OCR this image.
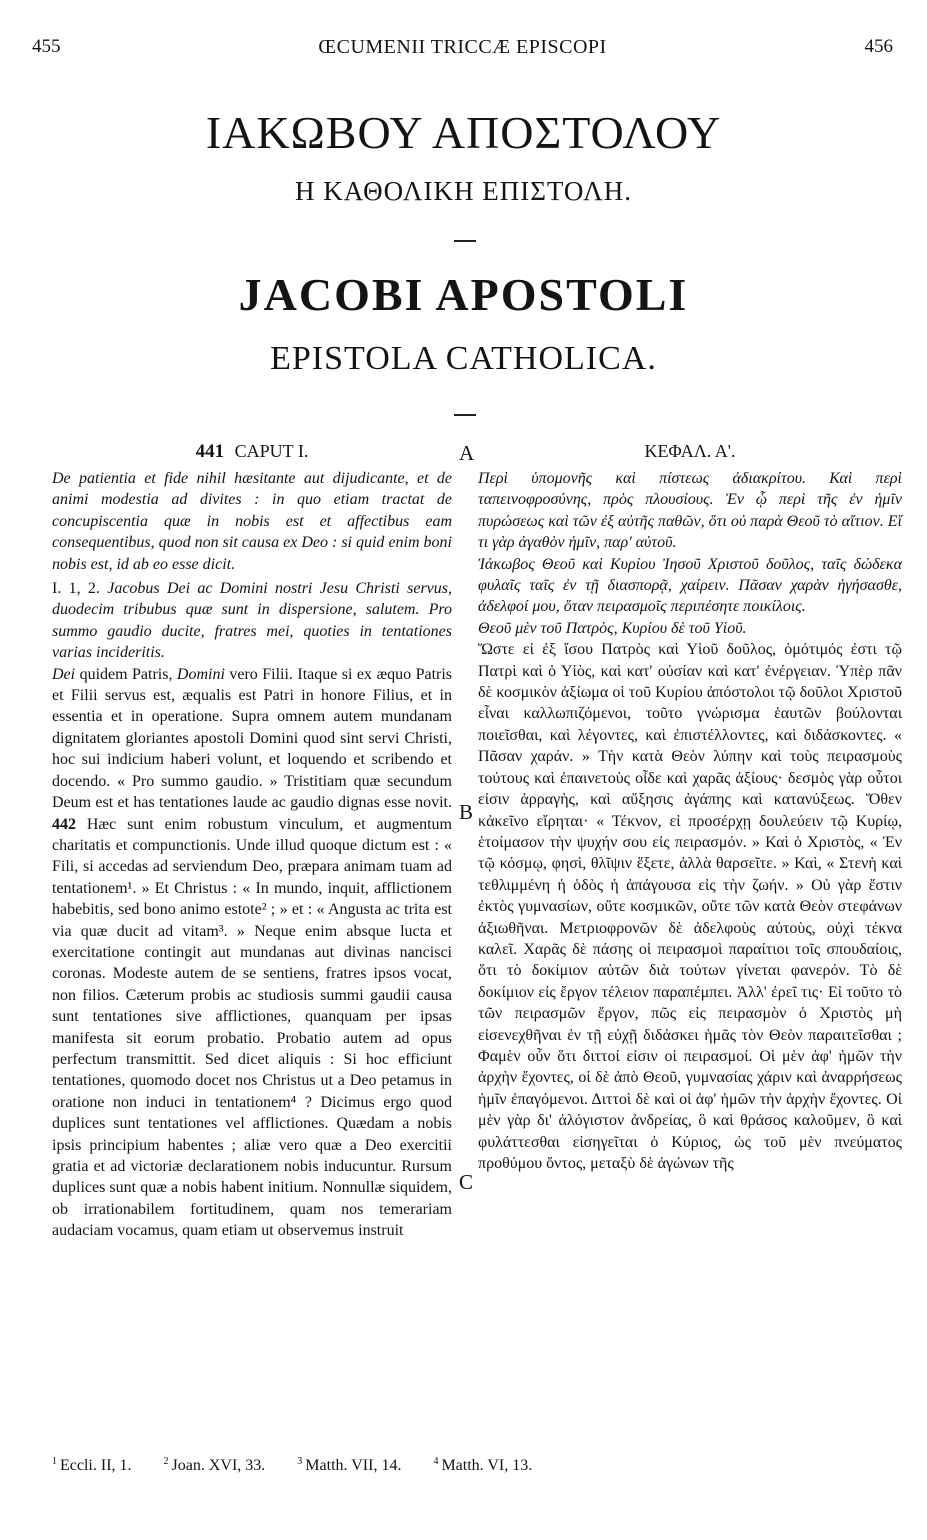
455	ŒCUMENII TRICCÆ EPISCOPI	456
ΙΑΚΩΒΟΥ ΑΠΟΣΤΟΛΟΥ
Η ΚΑΘΟΛΙΚΗ ΕΠΙΣΤΟΛΗ.
JACOBI APOSTOLI
EPISTOLA CATHOLICA.
A
B
C
441 CAPUT I.
De patientia et fide nihil hæsitante aut dijudicante, et de animi modestia ad divites : in quo etiam tractat de concupiscentia quæ in nobis est et affectibus eam consequentibus, quod non sit causa ex Deo : si quid enim boni nobis est, id ab eo esse dicit.
I. 1, 2. Jacobus Dei ac Domini nostri Jesu Christi servus, duodecim tribubus quæ sunt in dispersione, salutem. Pro summo gaudio ducite, fratres mei, quoties in tentationes varias incideritis.
Dei quidem Patris, Domini vero Filii. Itaque si ex æquo Patris et Filii servus est, æqualis est Patri in honore Filius, et in essentia et in operatione. Supra omnem autem mundanam dignitatem gloriantes apostoli Domini quod sint servi Christi, hoc sui indicium haberi volunt, et loquendo et scribendo et docendo. « Pro summo gaudio. » Tristitiam quæ secundum Deum est et has tentationes laude ac gaudio dignas esse novit. 442 Hæc sunt enim robustum vinculum, et augmentum charitatis et compunctionis. Unde illud quoque dictum est : « Fili, si accedas ad serviendum Deo, præpara animam tuam ad tentationem¹. » Et Christus : « In mundo, inquit, afflictionem habebitis, sed bono animo estote² ; » et : « Angusta ac trita est via quæ ducit ad vitam³. » Neque enim absque lucta et exercitatione contingit aut mundanas aut divinas nancisci coronas. Modeste autem de se sentiens, fratres ipsos vocat, non filios. Cæterum probis ac studiosis summi gaudii causa sunt tentationes sive afflictiones, quanquam per ipsas manifesta sit eorum probatio. Probatio autem ad opus perfectum transmittit. Sed dicet aliquis : Si hoc efficiunt tentationes, quomodo docet nos Christus ut a Deo petamus in oratione non induci in tentationem⁴ ? Dicimus ergo quod duplices sunt tentationes vel afflictiones. Quædam a nobis ipsis principium habentes ; aliæ vero quæ a Deo exercitii gratia et ad victoriæ declarationem nobis inducuntur. Rursum duplices sunt quæ a nobis habent initium. Nonnullæ siquidem, ob irrationabilem fortitudinem, quam nos temerariam audaciam vocamus, quam etiam ut observemus instruit
ΚΕΦΑΛ. Α'.
Περὶ ὑπομονῆς καὶ πίστεως ἀδιακρίτου. Καὶ περὶ ταπεινοφροσύνης, πρὸς πλουσίους. Ἐν ᾧ περὶ τῆς ἐν ἡμῖν πυρώσεως καὶ τῶν ἐξ αὐτῆς παθῶν, ὅτι οὐ παρὰ Θεοῦ τὸ αἴτιον. Εἴ τι γὰρ ἀγαθὸν ἡμῖν, παρ' αὐτοῦ.
Ἰάκωβος Θεοῦ καὶ Κυρίου Ἰησοῦ Χριστοῦ δοῦλος, ταῖς δώδεκα φυλαῖς ταῖς ἐν τῇ διασπορᾷ, χαίρειν. Πᾶσαν χαρὰν ἡγήσασθε, ἀδελφοί μου, ὅταν πειρασμοῖς περιπέσητε ποικίλοις.
Θεοῦ μὲν τοῦ Πατρὸς, Κυρίου δὲ τοῦ Υἱοῦ.
Ὥστε εἰ ἐξ ἴσου Πατρὸς καὶ Υἱοῦ δοῦλος, ὁμότιμός ἐστι τῷ Πατρὶ καὶ ὁ Υἱὸς, καὶ κατ' οὐσίαν καὶ κατ' ἐνέργειαν. Ὑπὲρ πᾶν δὲ κοσμικὸν ἀξίωμα οἱ τοῦ Κυρίου ἀπόστολοι τῷ δοῦλοι Χριστοῦ εἶναι καλλωπιζόμενοι, τοῦτο γνώρισμα ἑαυτῶν βούλονται ποιεῖσθαι, καὶ λέγοντες, καὶ ἐπιστέλλοντες, καὶ διδάσκοντες. « Πᾶσαν χαράν. » Τὴν κατὰ Θεὸν λύπην καὶ τοὺς πειρασμοὺς τούτους καὶ ἐπαινετοὺς οἶδε καὶ χαρᾶς ἀξίους· δεσμὸς γὰρ οὗτοι εἰσιν ἀρραγὴς, καὶ αὔξησις ἀγάπης καὶ κατανύξεως. Ὅθεν κἀκεῖνο εἴρηται· « Τέκνον, εἰ προσέρχῃ δουλεύειν τῷ Κυρίῳ, ἑτοίμασον τὴν ψυχήν σου εἰς πειρασμόν. » Καὶ ὁ Χριστὸς, « Ἐν τῷ κόσμῳ, φησὶ, θλῖψιν ἕξετε, ἀλλὰ θαρσεῖτε. » Καὶ, « Στενὴ καὶ τεθλιμμένη ἡ ὁδὸς ἡ ἀπάγουσα εἰς τὴν ζωήν. » Οὐ γὰρ ἔστιν ἐκτὸς γυμνασίων, οὔτε κοσμικῶν, οὔτε τῶν κατὰ Θεὸν στεφάνων ἀξιωθῆναι. Μετριοφρονῶν δὲ ἀδελφοὺς αὐτοὺς, οὐχὶ τέκνα καλεῖ. Χαρᾶς δὲ πάσης οἱ πειρασμοὶ παραίτιοι τοῖς σπουδαίοις, ὅτι τὸ δοκίμιον αὐτῶν διὰ τούτων γίνεται φανερόν. Τὸ δὲ δοκίμιον εἰς ἔργον τέλειον παραπέμπει. Ἀλλ' ἐρεῖ τις· Εἰ τοῦτο τὸ τῶν πειρασμῶν ἔργον, πῶς εἰς πειρασμὸν ὁ Χριστὸς μὴ εἰσενεχθῆναι ἐν τῇ εὐχῇ διδάσκει ἡμᾶς τὸν Θεὸν παραιτεῖσθαι ; Φαμὲν οὖν ὅτι διττοί εἰσιν οἱ πειρασμοί. Οἱ μὲν ἀφ' ἡμῶν τὴν ἀρχὴν ἔχοντες, οἱ δὲ ἀπὸ Θεοῦ, γυμνασίας χάριν καὶ ἀναρρήσεως ἡμῖν ἐπαγόμενοι. Διττοὶ δὲ καὶ οἱ ἀφ' ἡμῶν τὴν ἀρχὴν ἔχοντες. Οἱ μὲν γὰρ δι' ἀλόγιστον ἀνδρείας, ὃ καὶ θράσος καλοῦμεν, ὃ καὶ φυλάττεσθαι εἰσηγεῖται ὁ Κύριος, ὡς τοῦ μὲν πνεύματος προθύμου ὄντος, μεταξὺ δὲ ἀγώνων τῆς
$^1$ Eccli. II, 1.	$^2$ Joan. XVI, 33.	$^3$ Matth. VII, 14.	$^4$ Matth. VI, 13.
